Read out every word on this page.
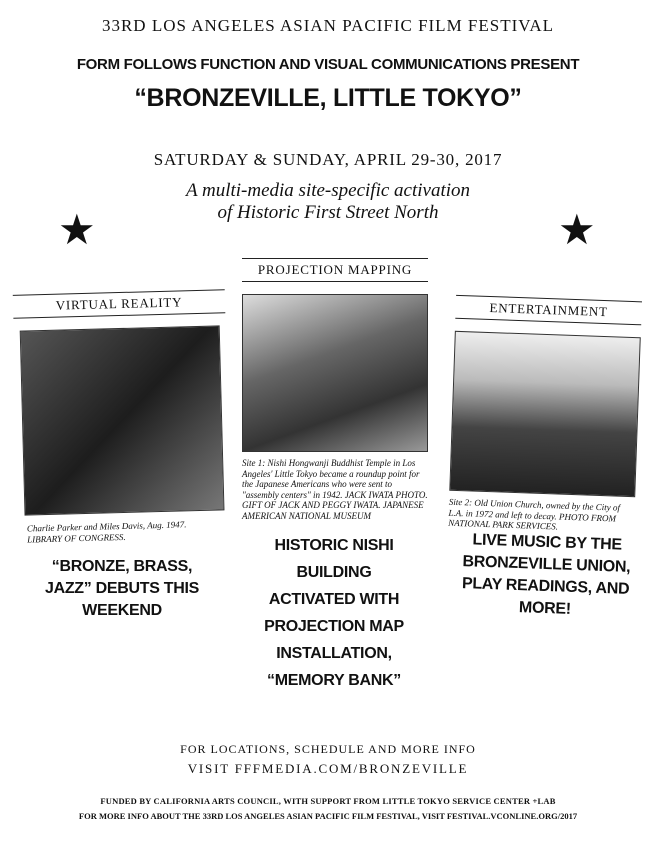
33RD LOS ANGELES ASIAN PACIFIC FILM FESTIVAL
FORM FOLLOWS FUNCTION AND VISUAL COMMUNICATIONS PRESENT
“BRONZEVILLE, LITTLE TOKYO”
SATURDAY & SUNDAY, APRIL 29-30, 2017
A multi-media site-specific activation
of Historic First Street North
★	★
VIRTUAL REALITY
Charlie Parker and Miles Davis, Aug. 1947. LIBRARY OF CONGRESS.
“BRONZE, BRASS,
JAZZ” DEBUTS THIS
WEEKEND
PROJECTION MAPPING
Site 1: Nishi Hongwanji Buddhist Temple in Los Angeles' Little Tokyo became a roundup point for the Japanese Americans who were sent to "assembly centers" in 1942. JACK IWATA PHOTO. GIFT OF JACK AND PEGGY IWATA. JAPANESE AMERICAN NATIONAL MUSEUM
HISTORIC NISHI
BUILDING
ACTIVATED WITH
PROJECTION MAP
INSTALLATION,
“MEMORY BANK”
ENTERTAINMENT
Site 2: Old Union Church, owned by the City of L.A. in 1972 and left to decay. PHOTO FROM NATIONAL PARK SERVICES.
LIVE MUSIC BY THE
BRONZEVILLE UNION,
PLAY READINGS, AND
MORE!
FOR LOCATIONS, SCHEDULE AND MORE INFO
VISIT FFFMEDIA.COM/BRONZEVILLE
FUNDED BY CALIFORNIA ARTS COUNCIL, WITH SUPPORT FROM LITTLE TOKYO SERVICE CENTER +LAB
FOR MORE INFO ABOUT THE 33RD LOS ANGELES ASIAN PACIFIC FILM FESTIVAL, VISIT FESTIVAL.VCONLINE.ORG/2017
